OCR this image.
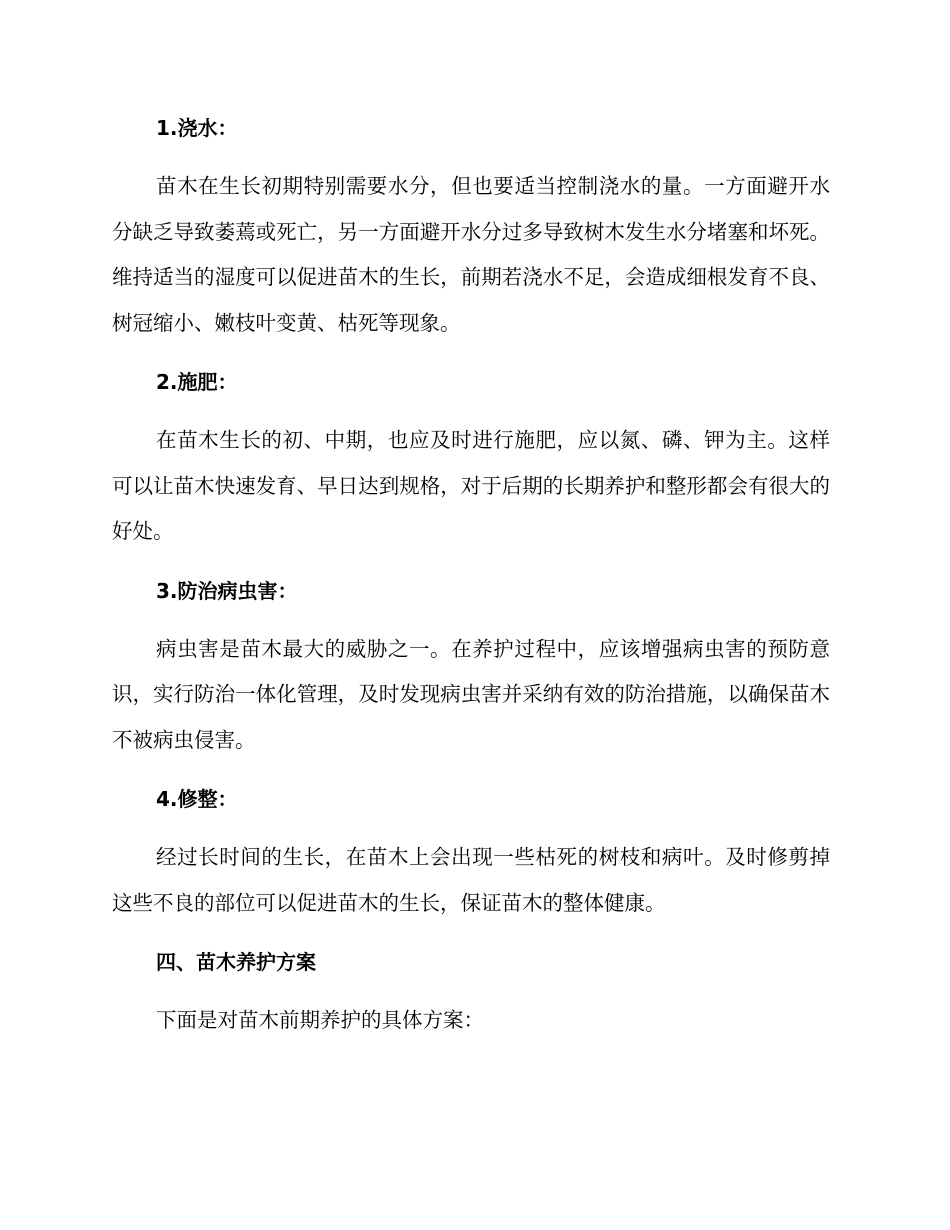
1.浇水：

苗木在生长初期特别需要水分，但也要适当控制浇水的量。一方面避开水分缺乏导致萎蔫或死亡，另一方面避开水分过多导致树木发生水分堵塞和坏死。维持适当的湿度可以促进苗木的生长，前期若浇水不足，会造成细根发育不良、树冠缩小、嫩枝叶变黄、枯死等现象。

2.施肥：

在苗木生长的初、中期，也应及时进行施肥，应以氮、磷、钾为主。这样可以让苗木快速发育、早日达到规格，对于后期的长期养护和整形都会有很大的好处。

3.防治病虫害：

病虫害是苗木最大的威胁之一。在养护过程中，应该增强病虫害的预防意识，实行防治一体化管理，及时发现病虫害并采纳有效的防治措施，以确保苗木不被病虫侵害。

4.修整：

经过长时间的生长，在苗木上会出现一些枯死的树枝和病叶。及时修剪掉这些不良的部位可以促进苗木的生长，保证苗木的整体健康。

四、苗木养护方案

下面是对苗木前期养护的具体方案：
